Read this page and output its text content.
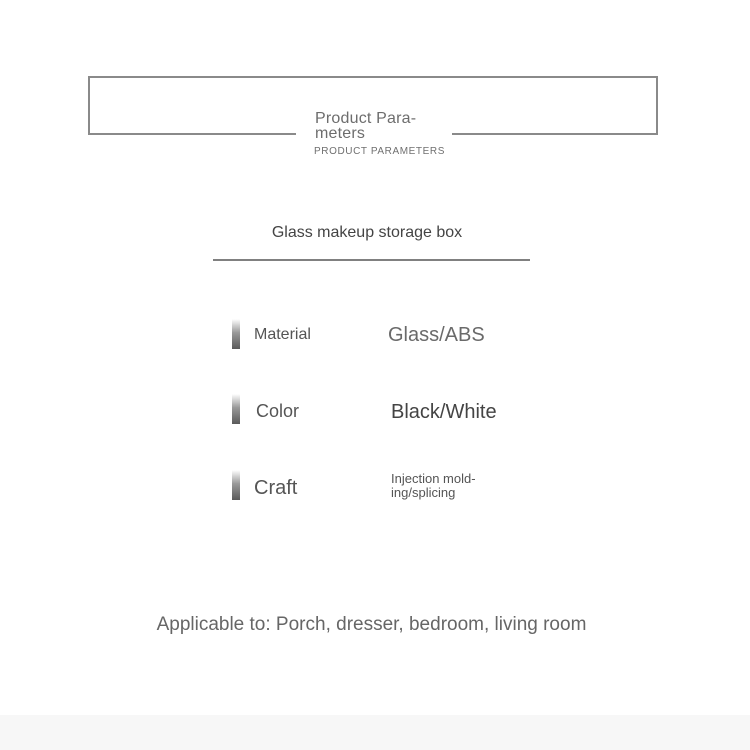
Product Para-
meters
PRODUCT PARAMETERS
Glass makeup storage box
Material	Glass/ABS
Color	Black/White
Craft	Injection mold-
ing/splicing
Applicable to: Porch, dresser, bedroom, living room
